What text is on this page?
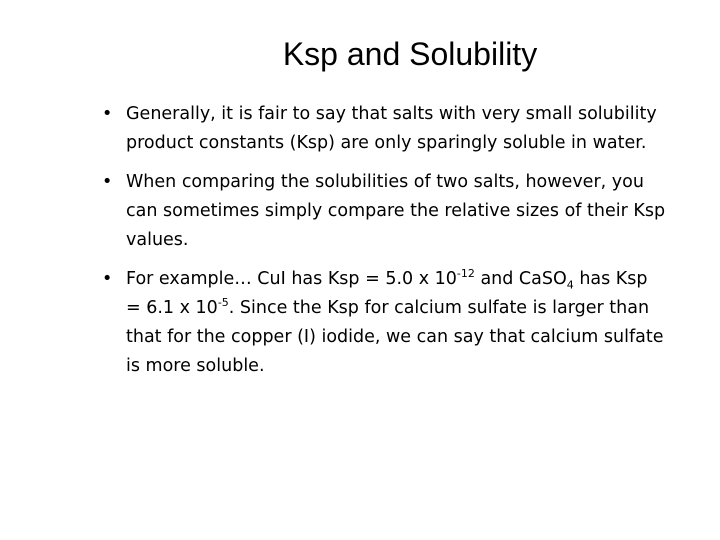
Ksp and Solubility
• Generally, it is fair to say that salts with very small solubility product constants (Ksp) are only sparingly soluble in water.
• When comparing the solubilities of two salts, however, you can sometimes simply compare the relative sizes of their Ksp values.
• For example… CuI has Ksp = 5.0 x $10^{-12}$ and CaSO$_4$ has Ksp = 6.1 x $10^{-5}$. Since the Ksp for calcium sulfate is larger than that for the copper (I) iodide, we can say that calcium sulfate is more soluble.
